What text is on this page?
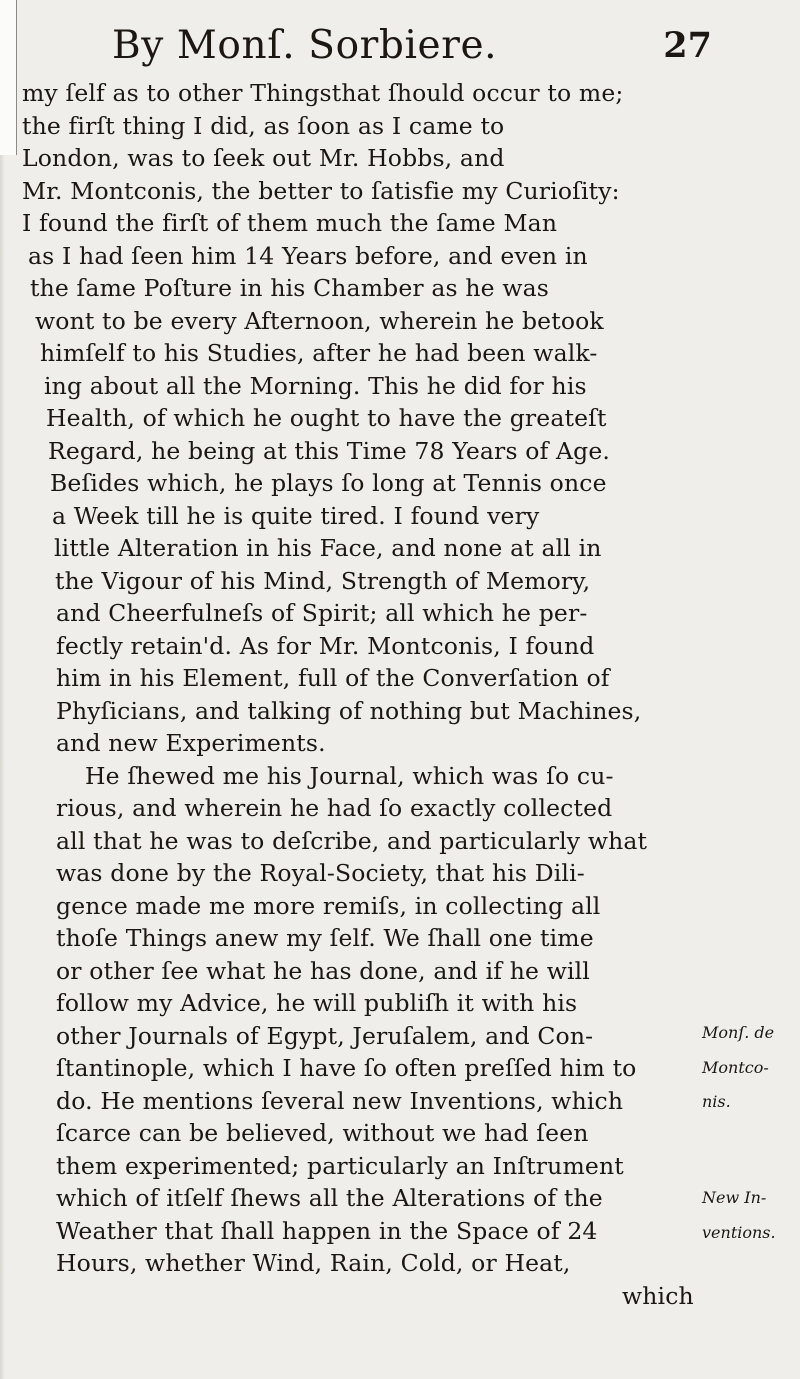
By Monſ. Sorbiere.	27
my ſelf as to other Thingsthat ſhould occur to me;
the firſt thing I did, as ſoon as I came to
London, was to ſeek out Mr. Hobbs, and
Mr. Montconis, the better to ſatisfie my Curioſity:
I found the firſt of them much the ſame Man
as I had ſeen him 14 Years before, and even in
the ſame Poſture in his Chamber as he was
wont to be every Afternoon, wherein he betook
himſelf to his Studies, after he had been walk-
ing about all the Morning. This he did for his
Health, of which he ought to have the greateſt
Regard, he being at this Time 78 Years of Age.
Beſides which, he plays ſo long at Tennis once
a Week till he is quite tired. I found very
little Alteration in his Face, and none at all in
the Vigour of his Mind, Strength of Memory,
and Cheerfulneſs of Spirit; all which he per-
fectly retain'd. As for Mr. Montconis, I found
him in his Element, full of the Converſation of
Phyſicians, and talking of nothing but Machines,
and new Experiments.
He ſhewed me his Journal, which was ſo cu-
rious, and wherein he had ſo exactly collected
all that he was to deſcribe, and particularly what
was done by the Royal-Society, that his Dili-
gence made me more remiſs, in collecting all
thoſe Things anew my ſelf. We ſhall one time
or other ſee what he has done, and if he will
follow my Advice, he will publiſh it with his
other Journals of Egypt, Jeruſalem, and Con-
ſtantinople, which I have ſo often preſſed him to
do. He mentions ſeveral new Inventions, which
ſcarce can be believed, without we had ſeen
them experimented; particularly an Inſtrument
which of itſelf ſhews all the Alterations of the
Weather that ſhall happen in the Space of 24
Hours, whether Wind, Rain, Cold, or Heat,
which
Monſ. de
Montco-
nis.
New In-
ventions.
